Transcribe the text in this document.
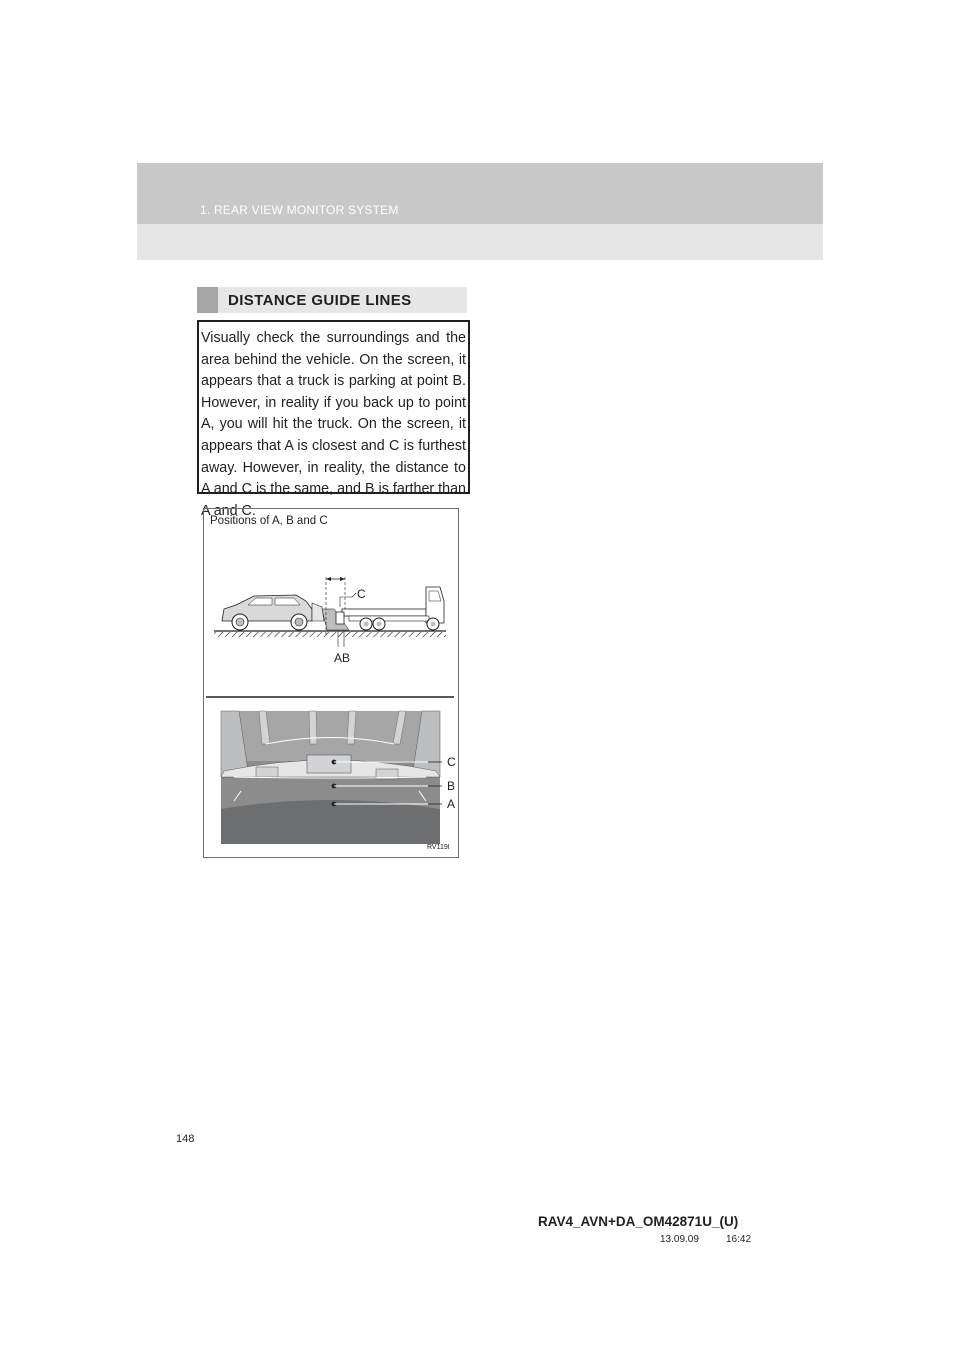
1. REAR VIEW MONITOR SYSTEM
DISTANCE GUIDE LINES

Visually check the surroundings and the area behind the vehicle. On the screen, it appears that a truck is parking at point B. However, in reality if you back up to point A, you will hit the truck. On the screen, it appears that A is closest and C is furthest away. However, in reality, the distance to A and C is the same, and B is farther than A and C.

Positions of A, B and C
C
A B
C
B
A
RV119I
148
RAV4_AVN+DA_OM42871U_(U)
13.09.09	16:42
